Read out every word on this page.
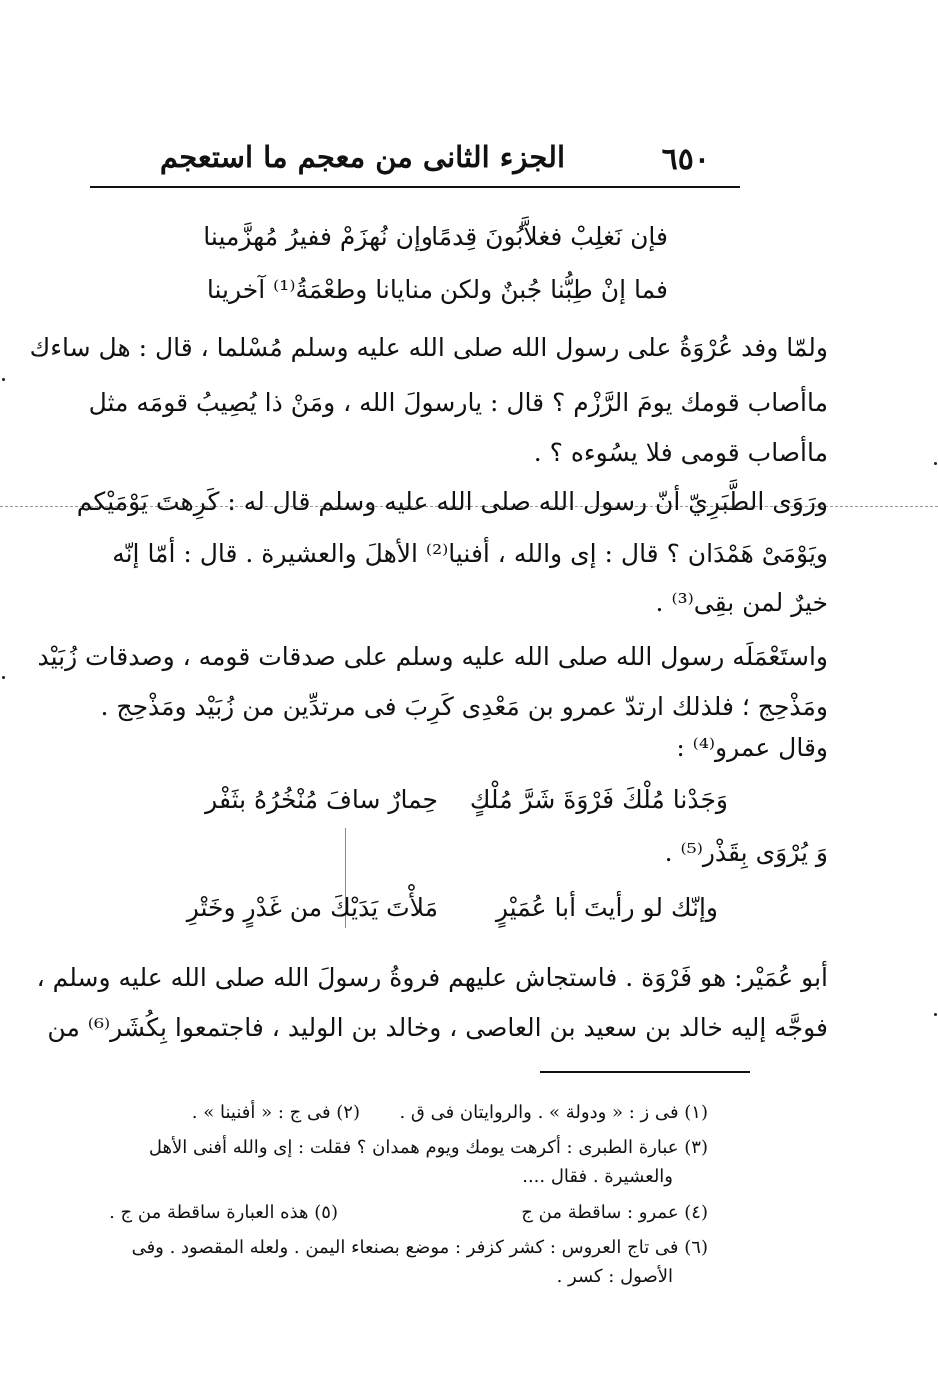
٦٥٠
الجزء الثانى من معجم ما استعجم
فإن نَغلِبْ فغلاَّبُونَ قِدمًا
وإن نُهزَمْ ففيرُ مُهزَّمينا
فما إنْ طِبُّنا جُبنٌ ولكن
منايانا وطعْمَةُ⁽¹⁾ آخرينا
ولمّا وفد عُرْوَةُ على رسول الله صلى الله عليه وسلم مُسْلما ، قال : هل ساءك
ماأصاب قومك يومَ الرَّزْم ؟ قال : يارسولَ الله ، ومَنْ ذا يُصِيبُ قومَه مثل
ماأصاب قومى فلا يسُوءه ؟ .
ورَوَى الطَّبَرِيّ أنّ رسول الله صلى الله عليه وسلم قال له : كَرِهتَ يَوْمَيْكم
ويَوْمَىْ هَمْدَان ؟ قال : إى والله ، أفنيا⁽²⁾ الأهلَ والعشيرة . قال : أمّا إنّه
خيرٌ لمن بقِى⁽³⁾ .
واستَعْمَلَه رسول الله صلى الله عليه وسلم على صدقات قومه ، وصدقات زُبَيْد
ومَذْحِج ؛ فلذلك ارتدّ عمرو بن مَعْدِى كَرِبَ فى مرتدِّين من زُبَيْد ومَذْحِج .
وقال عمرو⁽⁴⁾ :
وَجَدْنا مُلْكَ فَرْوَةَ شَرَّ مُلْكٍ
حِمارٌ سافَ مُنْخُرُهُ بثَفْر
وَ يُرْوَى بِقَذْر⁽⁵⁾ .
وإنّك لو رأيتَ أبا عُمَيْرٍ
مَلأْتَ يَدَيْكَ من غَدْرٍ وخَتْرِ
أبو عُمَيْر: هو فَرْوَة . فاستجاش عليهم فروةُ رسولَ الله صلى الله عليه وسلم ،
فوجَّه إليه خالد بن سعيد بن العاصى ، وخالد بن الوليد ، فاجتمعوا بِكُشَر⁽⁶⁾ من
(١) فى ز : « ودولة » . والروايتان فى ق .
(٢) فى ج : « أفنينا » .
(٣) عبارة الطبرى : أكرهت يومك ويوم همدان ؟ فقلت : إى والله أفنى الأهل
والعشيرة . فقال ....
(٤) عمرو : ساقطة من ج
(٥) هذه العبارة ساقطة من ج .
(٦) فى تاج العروس : كشر كزفر : موضع بصنعاء اليمن . ولعله المقصود . وفى
الأصول : كسر .
